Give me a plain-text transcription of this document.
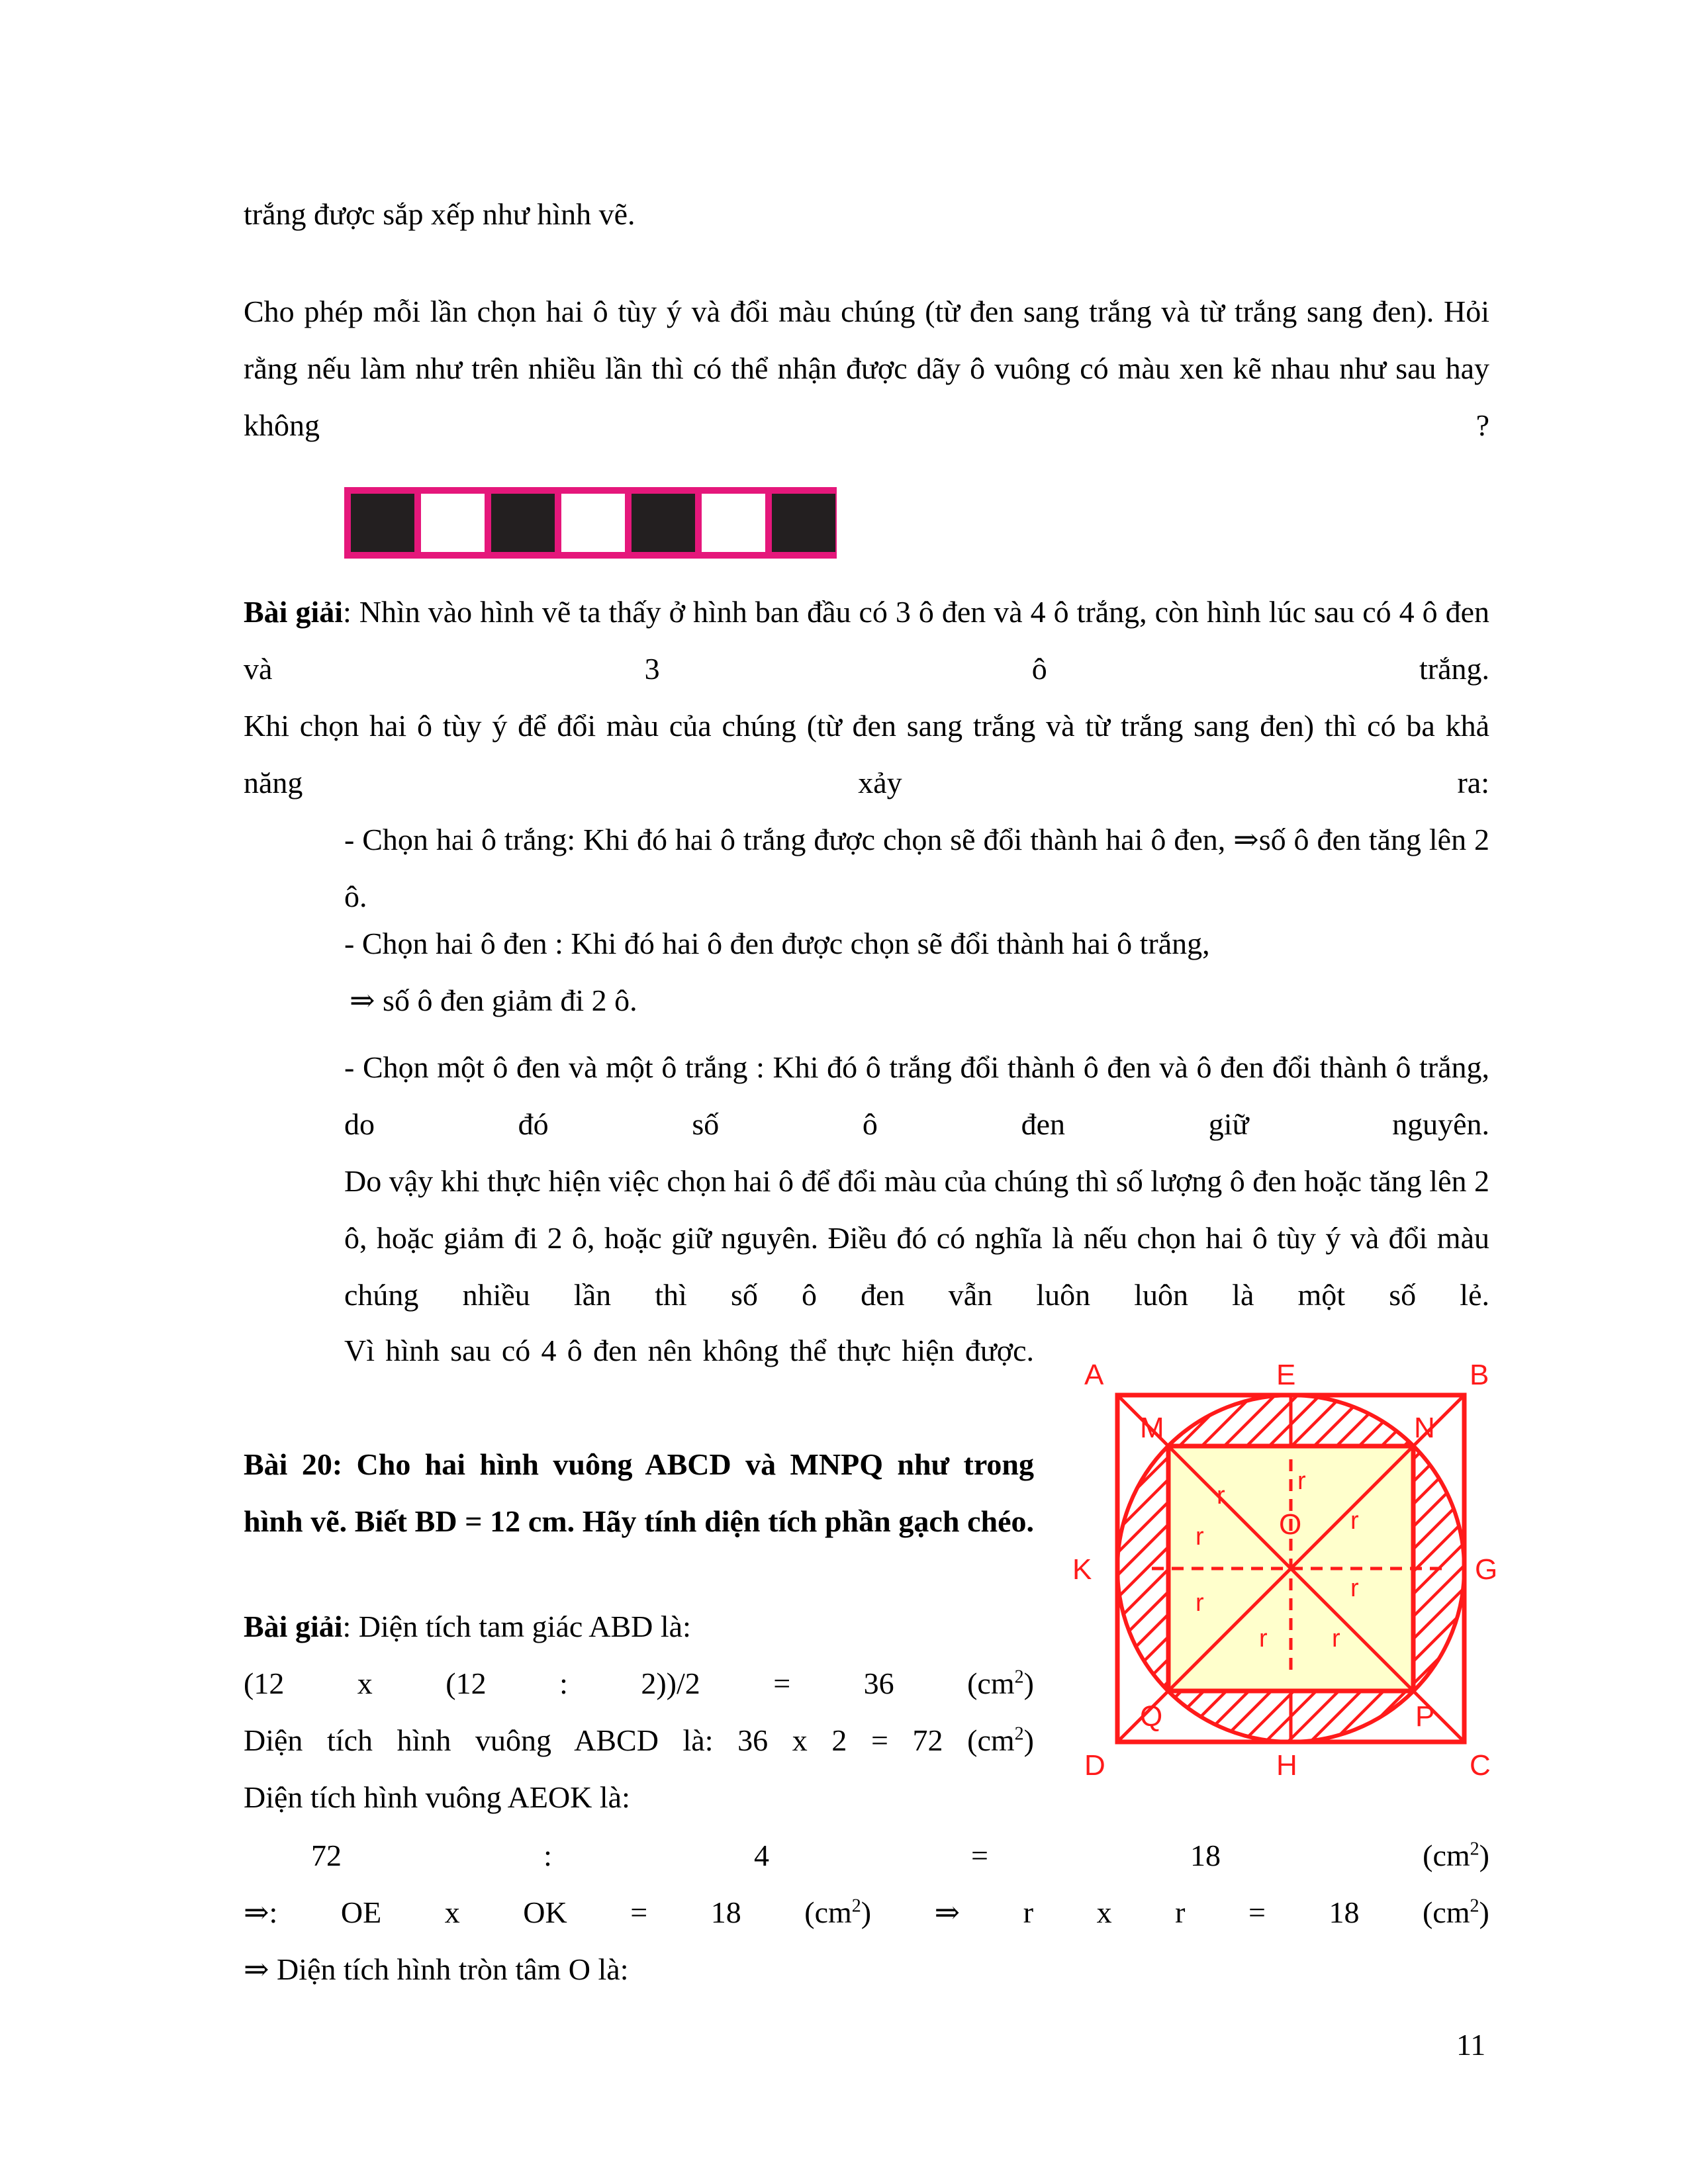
trắng được sắp xếp như hình vẽ.
Cho phép mỗi lần chọn hai ô tùy ý và đổi màu chúng (từ đen sang trắng và từ trắng sang đen). Hỏi rằng nếu làm như trên nhiều lần thì có thể nhận được dãy ô vuông có màu xen kẽ nhau như sau hay không ?
Bài giải: Nhìn vào hình vẽ ta thấy ở hình ban đầu có 3 ô đen và 4 ô trắng, còn hình lúc sau có 4 ô đen và 3 ô trắng.
Khi chọn hai ô tùy ý để đổi màu của chúng (từ đen sang trắng và từ trắng sang đen) thì có ba khả năng xảy ra:
- Chọn hai ô trắng: Khi đó hai ô trắng được chọn sẽ đổi thành hai ô đen, ⇒số ô đen tăng lên 2 ô.
- Chọn hai ô đen : Khi đó hai ô đen được chọn sẽ đổi thành hai ô trắng,
⇒ số ô đen giảm đi 2 ô.
- Chọn một ô đen và một ô trắng : Khi đó ô trắng đổi thành ô đen và ô đen đổi thành ô trắng, do đó số ô đen giữ nguyên.
Do vậy khi thực hiện việc chọn hai ô để đổi màu của chúng thì số lượng ô đen hoặc tăng lên 2 ô, hoặc giảm đi 2 ô, hoặc giữ nguyên. Điều đó có nghĩa là nếu chọn hai ô tùy ý và đổi màu chúng nhiều lần thì số ô đen vẫn luôn luôn là một số lẻ.
Vì hình sau có 4 ô đen nên không thể thực hiện được.
Bài 20: Cho hai hình vuông ABCD và MNPQ như trong hình vẽ. Biết BD = 12 cm. Hãy tính diện tích phần gạch chéo.
Bài giải: Diện tích tam giác ABD là:
(12 x (12 : 2))/2 = 36 $(cm^2)$
Diện tích hình vuông ABCD là: 36 x 2 = 72 $(cm^2)$
Diện tích hình vuông AEOK là:
72	:	4	=	18	$(cm^2)$
⇒: OE x OK = 18 $(cm^2)$ ⇒ r x r = 18 $(cm^2)$
⇒ Diện tích hình tròn tâm O là:
11
A	E	B
K	G
D	H	C
M	N
Q	P
O
r
r
r
r
r
r
r	r
